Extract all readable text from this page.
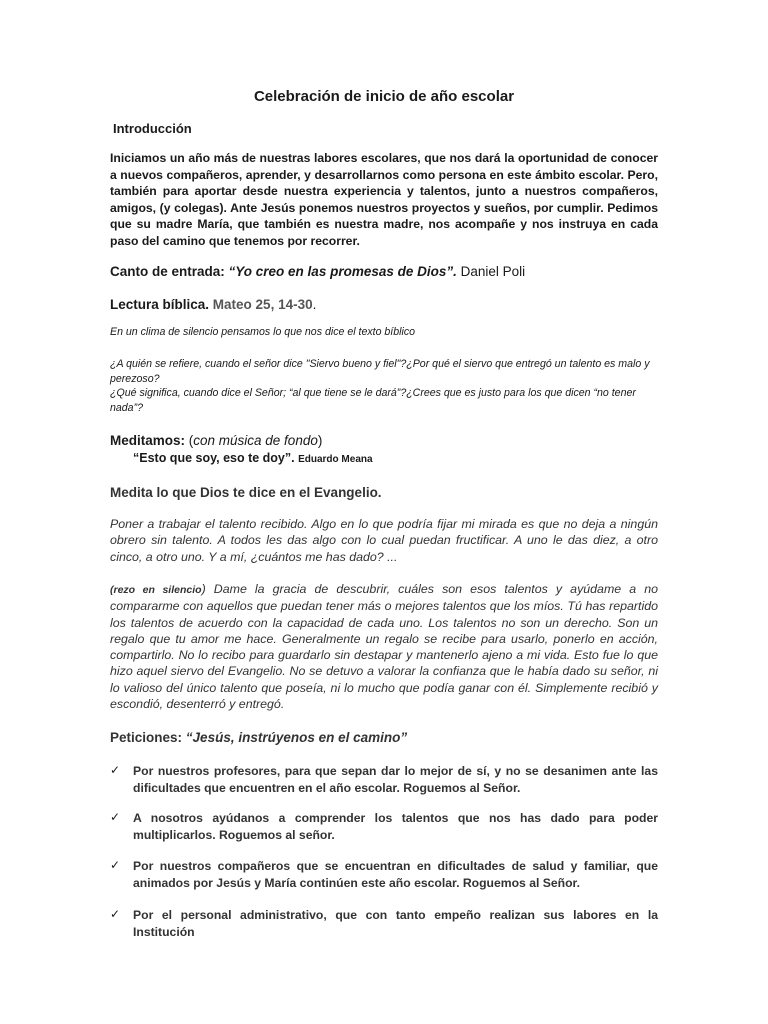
Celebración de inicio de año escolar
Introducción
Iniciamos un año más de nuestras labores escolares, que nos dará la oportunidad de conocer a nuevos compañeros, aprender, y desarrollarnos como persona en este ámbito escolar. Pero, también para aportar desde nuestra experiencia y talentos, junto a nuestros compañeros, amigos, (y colegas). Ante Jesús ponemos nuestros proyectos y sueños, por cumplir. Pedimos que su madre María, que también es nuestra madre, nos acompañe y nos instruya en cada paso del camino que tenemos por recorrer.
Canto de entrada: “Yo creo en las promesas de Dios”. Daniel Poli
Lectura bíblica. Mateo 25, 14-30.
En un clima de silencio pensamos lo que nos dice el texto bíblico
¿A quién se refiere, cuando el señor dice "Siervo bueno y fiel"?¿Por qué el siervo que entregó un talento es malo y perezoso?
¿Qué significa, cuando dice el Señor; “al que tiene se le dará”?¿Crees que es justo para los que dicen “no tener nada”?
Meditamos: (con música de fondo)
“Esto que soy, eso te doy”. Eduardo Meana
Medita lo que Dios te dice en el Evangelio.
Poner a trabajar el talento recibido. Algo en lo que podría fijar mi mirada es que no deja a ningún obrero sin talento. A todos les das algo con lo cual puedan fructificar. A uno le das diez, a otro cinco, a otro uno. Y a mí, ¿cuántos me has dado? ...
(rezo en silencio) Dame la gracia de descubrir, cuáles son esos talentos y ayúdame a no compararme con aquellos que puedan tener más o mejores talentos que los míos. Tú has repartido los talentos de acuerdo con la capacidad de cada uno. Los talentos no son un derecho. Son un regalo que tu amor me hace. Generalmente un regalo se recibe para usarlo, ponerlo en acción, compartirlo. No lo recibo para guardarlo sin destapar y mantenerlo ajeno a mi vida. Esto fue lo que hizo aquel siervo del Evangelio. No se detuvo a valorar la confianza que le había dado su señor, ni lo valioso del único talento que poseía, ni lo mucho que podía ganar con él. Simplemente recibió y escondió, desenterró y entregó.
Peticiones: “Jesús, instrúyenos en el camino”
✓ Por nuestros profesores, para que sepan dar lo mejor de sí, y no se desanimen ante las dificultades que encuentren en el año escolar. Roguemos al Señor.
✓ A nosotros ayúdanos a comprender los talentos que nos has dado para poder multiplicarlos. Roguemos al señor.
✓ Por nuestros compañeros que se encuentran en dificultades de salud y familiar, que animados por Jesús y María continúen este año escolar. Roguemos al Señor.
✓ Por el personal administrativo, que con tanto empeño realizan sus labores en la Institución
